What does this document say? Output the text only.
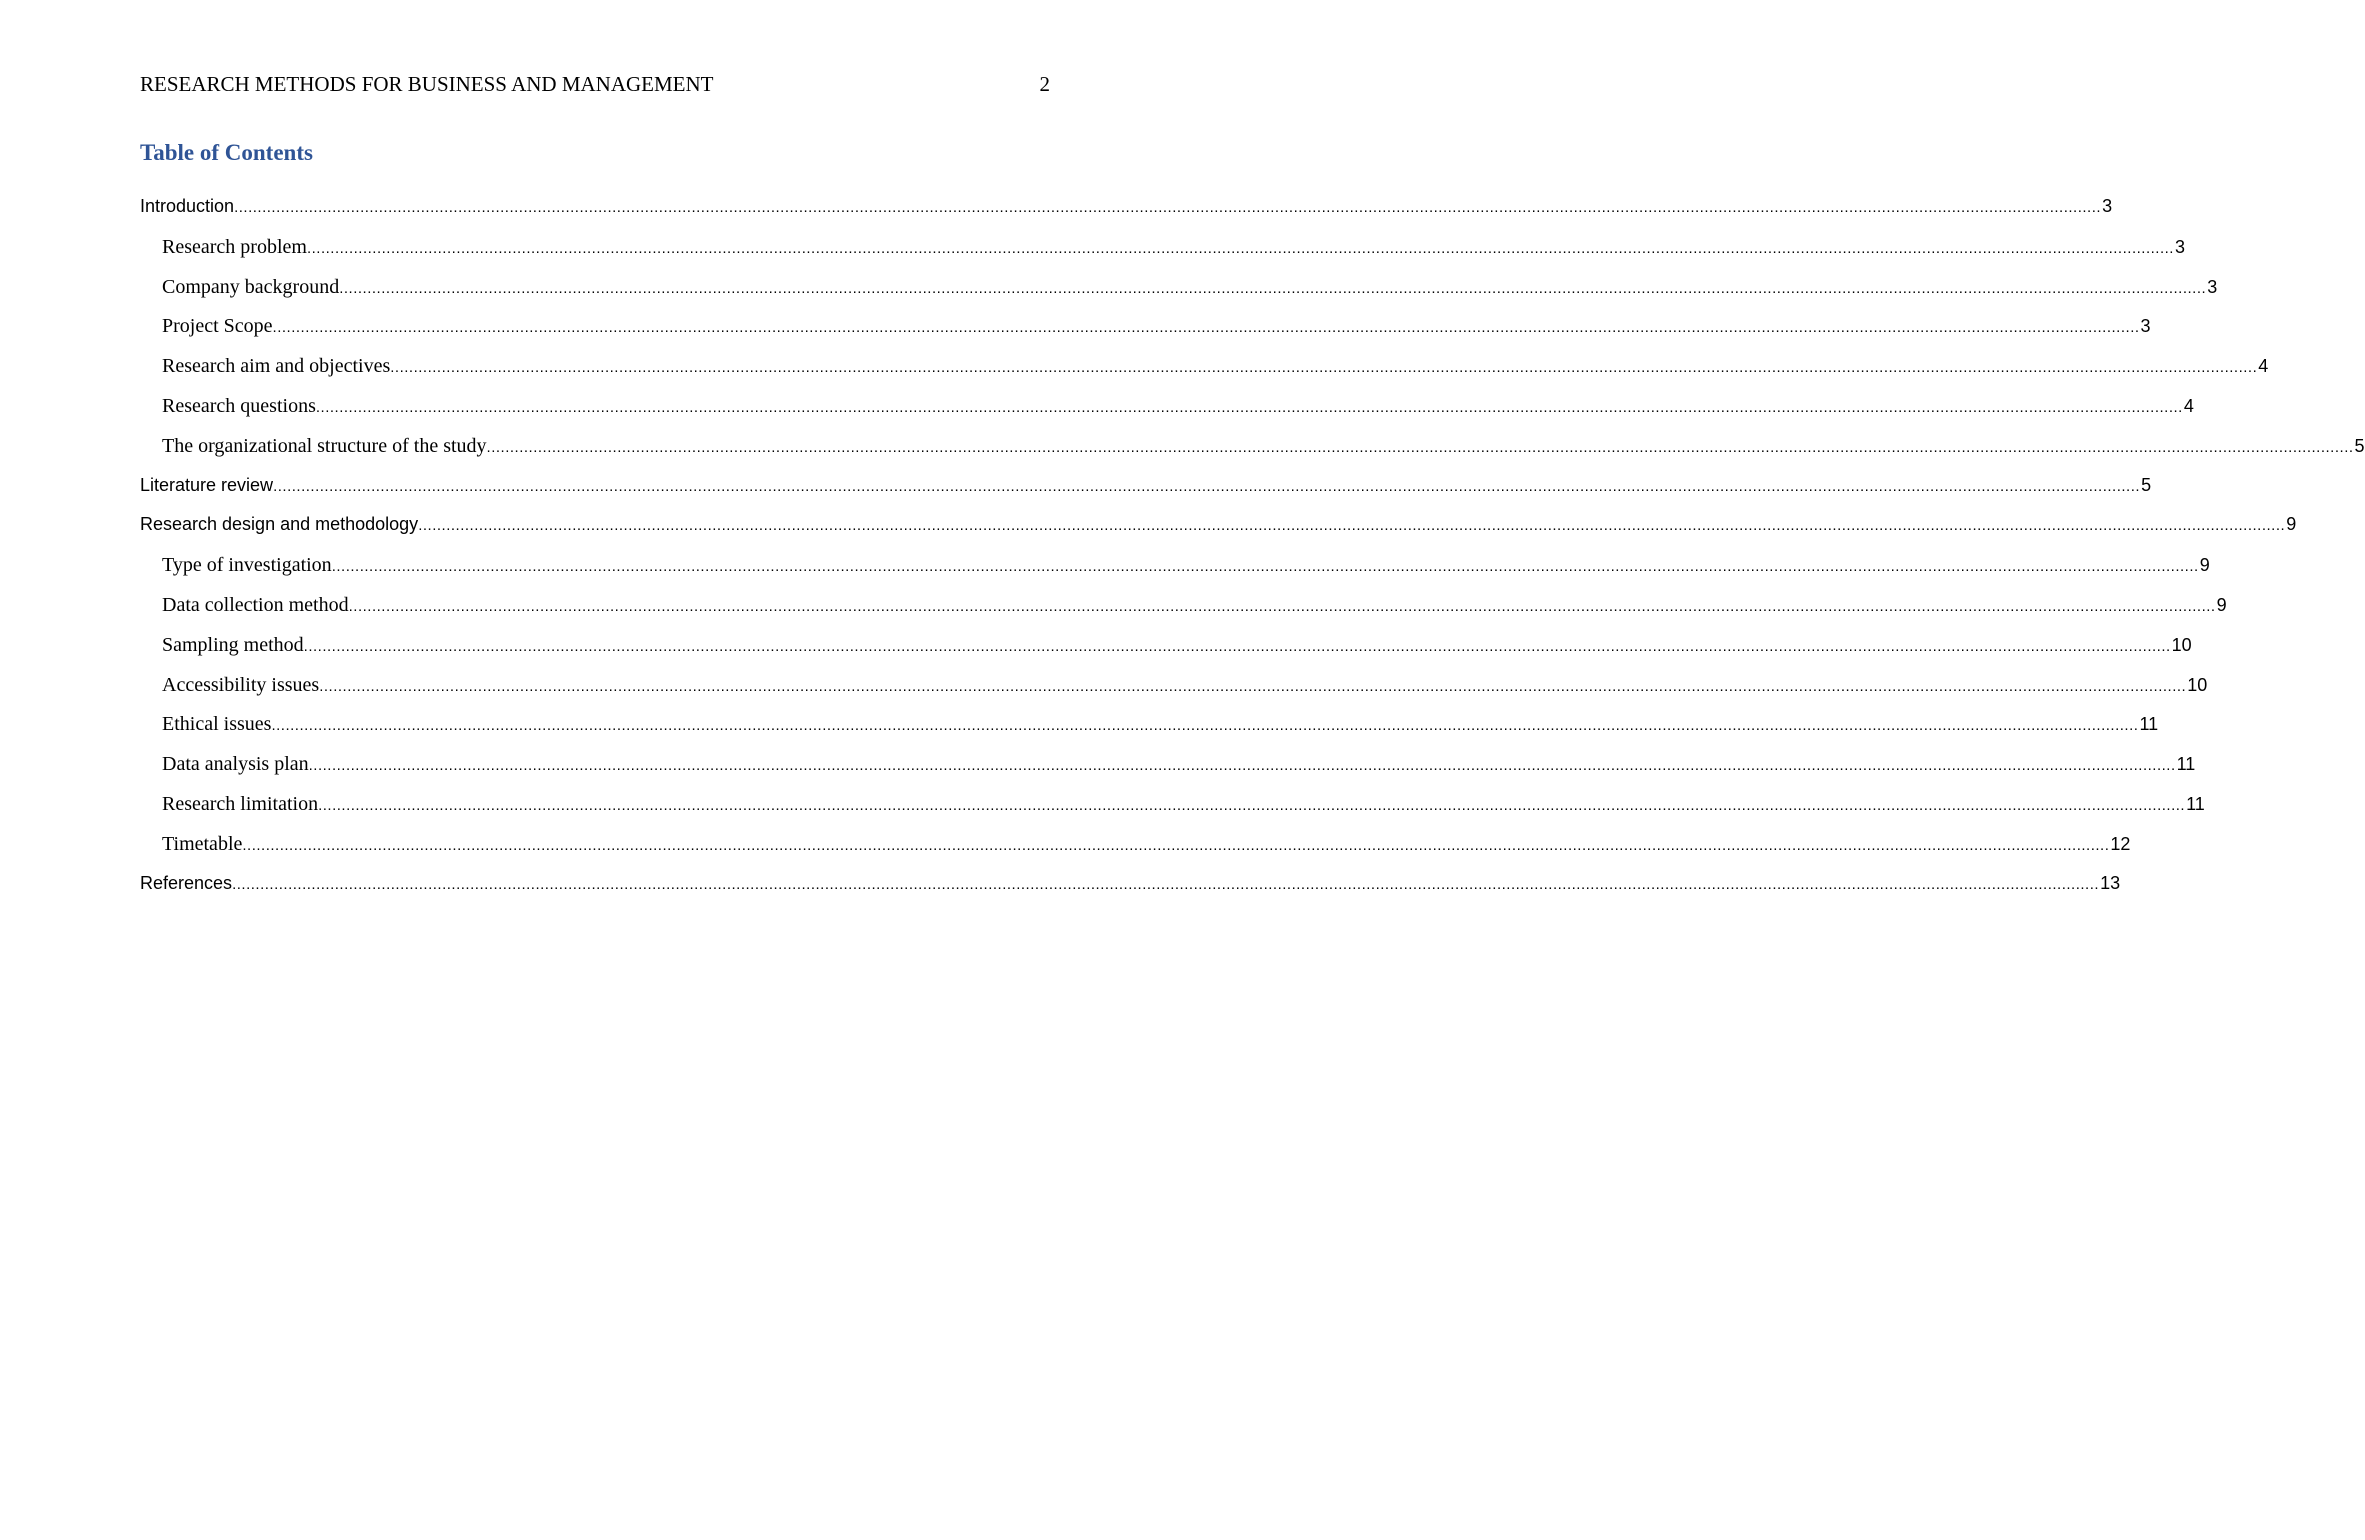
RESEARCH METHODS FOR BUSINESS AND MANAGEMENT	2
Table of Contents
Introduction ................................................................................................................................................................................................................................................................................................................................................................................................................ 3
Research problem ................................................................................................................................................................................................................................................................................................................................................................................................................ 3
Company background ................................................................................................................................................................................................................................................................................................................................................................................................................ 3
Project Scope ................................................................................................................................................................................................................................................................................................................................................................................................................ 3
Research aim and objectives ................................................................................................................................................................................................................................................................................................................................................................................................................ 4
Research questions ................................................................................................................................................................................................................................................................................................................................................................................................................ 4
The organizational structure of the study ................................................................................................................................................................................................................................................................................................................................................................................................................ 5
Literature review ................................................................................................................................................................................................................................................................................................................................................................................................................ 5
Research design and methodology ................................................................................................................................................................................................................................................................................................................................................................................................................ 9
Type of investigation ................................................................................................................................................................................................................................................................................................................................................................................................................ 9
Data collection method ................................................................................................................................................................................................................................................................................................................................................................................................................ 9
Sampling method ................................................................................................................................................................................................................................................................................................................................................................................................................ 10
Accessibility issues ................................................................................................................................................................................................................................................................................................................................................................................................................ 10
Ethical issues ................................................................................................................................................................................................................................................................................................................................................................................................................ 11
Data analysis plan ................................................................................................................................................................................................................................................................................................................................................................................................................ 11
Research limitation ................................................................................................................................................................................................................................................................................................................................................................................................................ 11
Timetable ................................................................................................................................................................................................................................................................................................................................................................................................................ 12
References ................................................................................................................................................................................................................................................................................................................................................................................................................ 13
